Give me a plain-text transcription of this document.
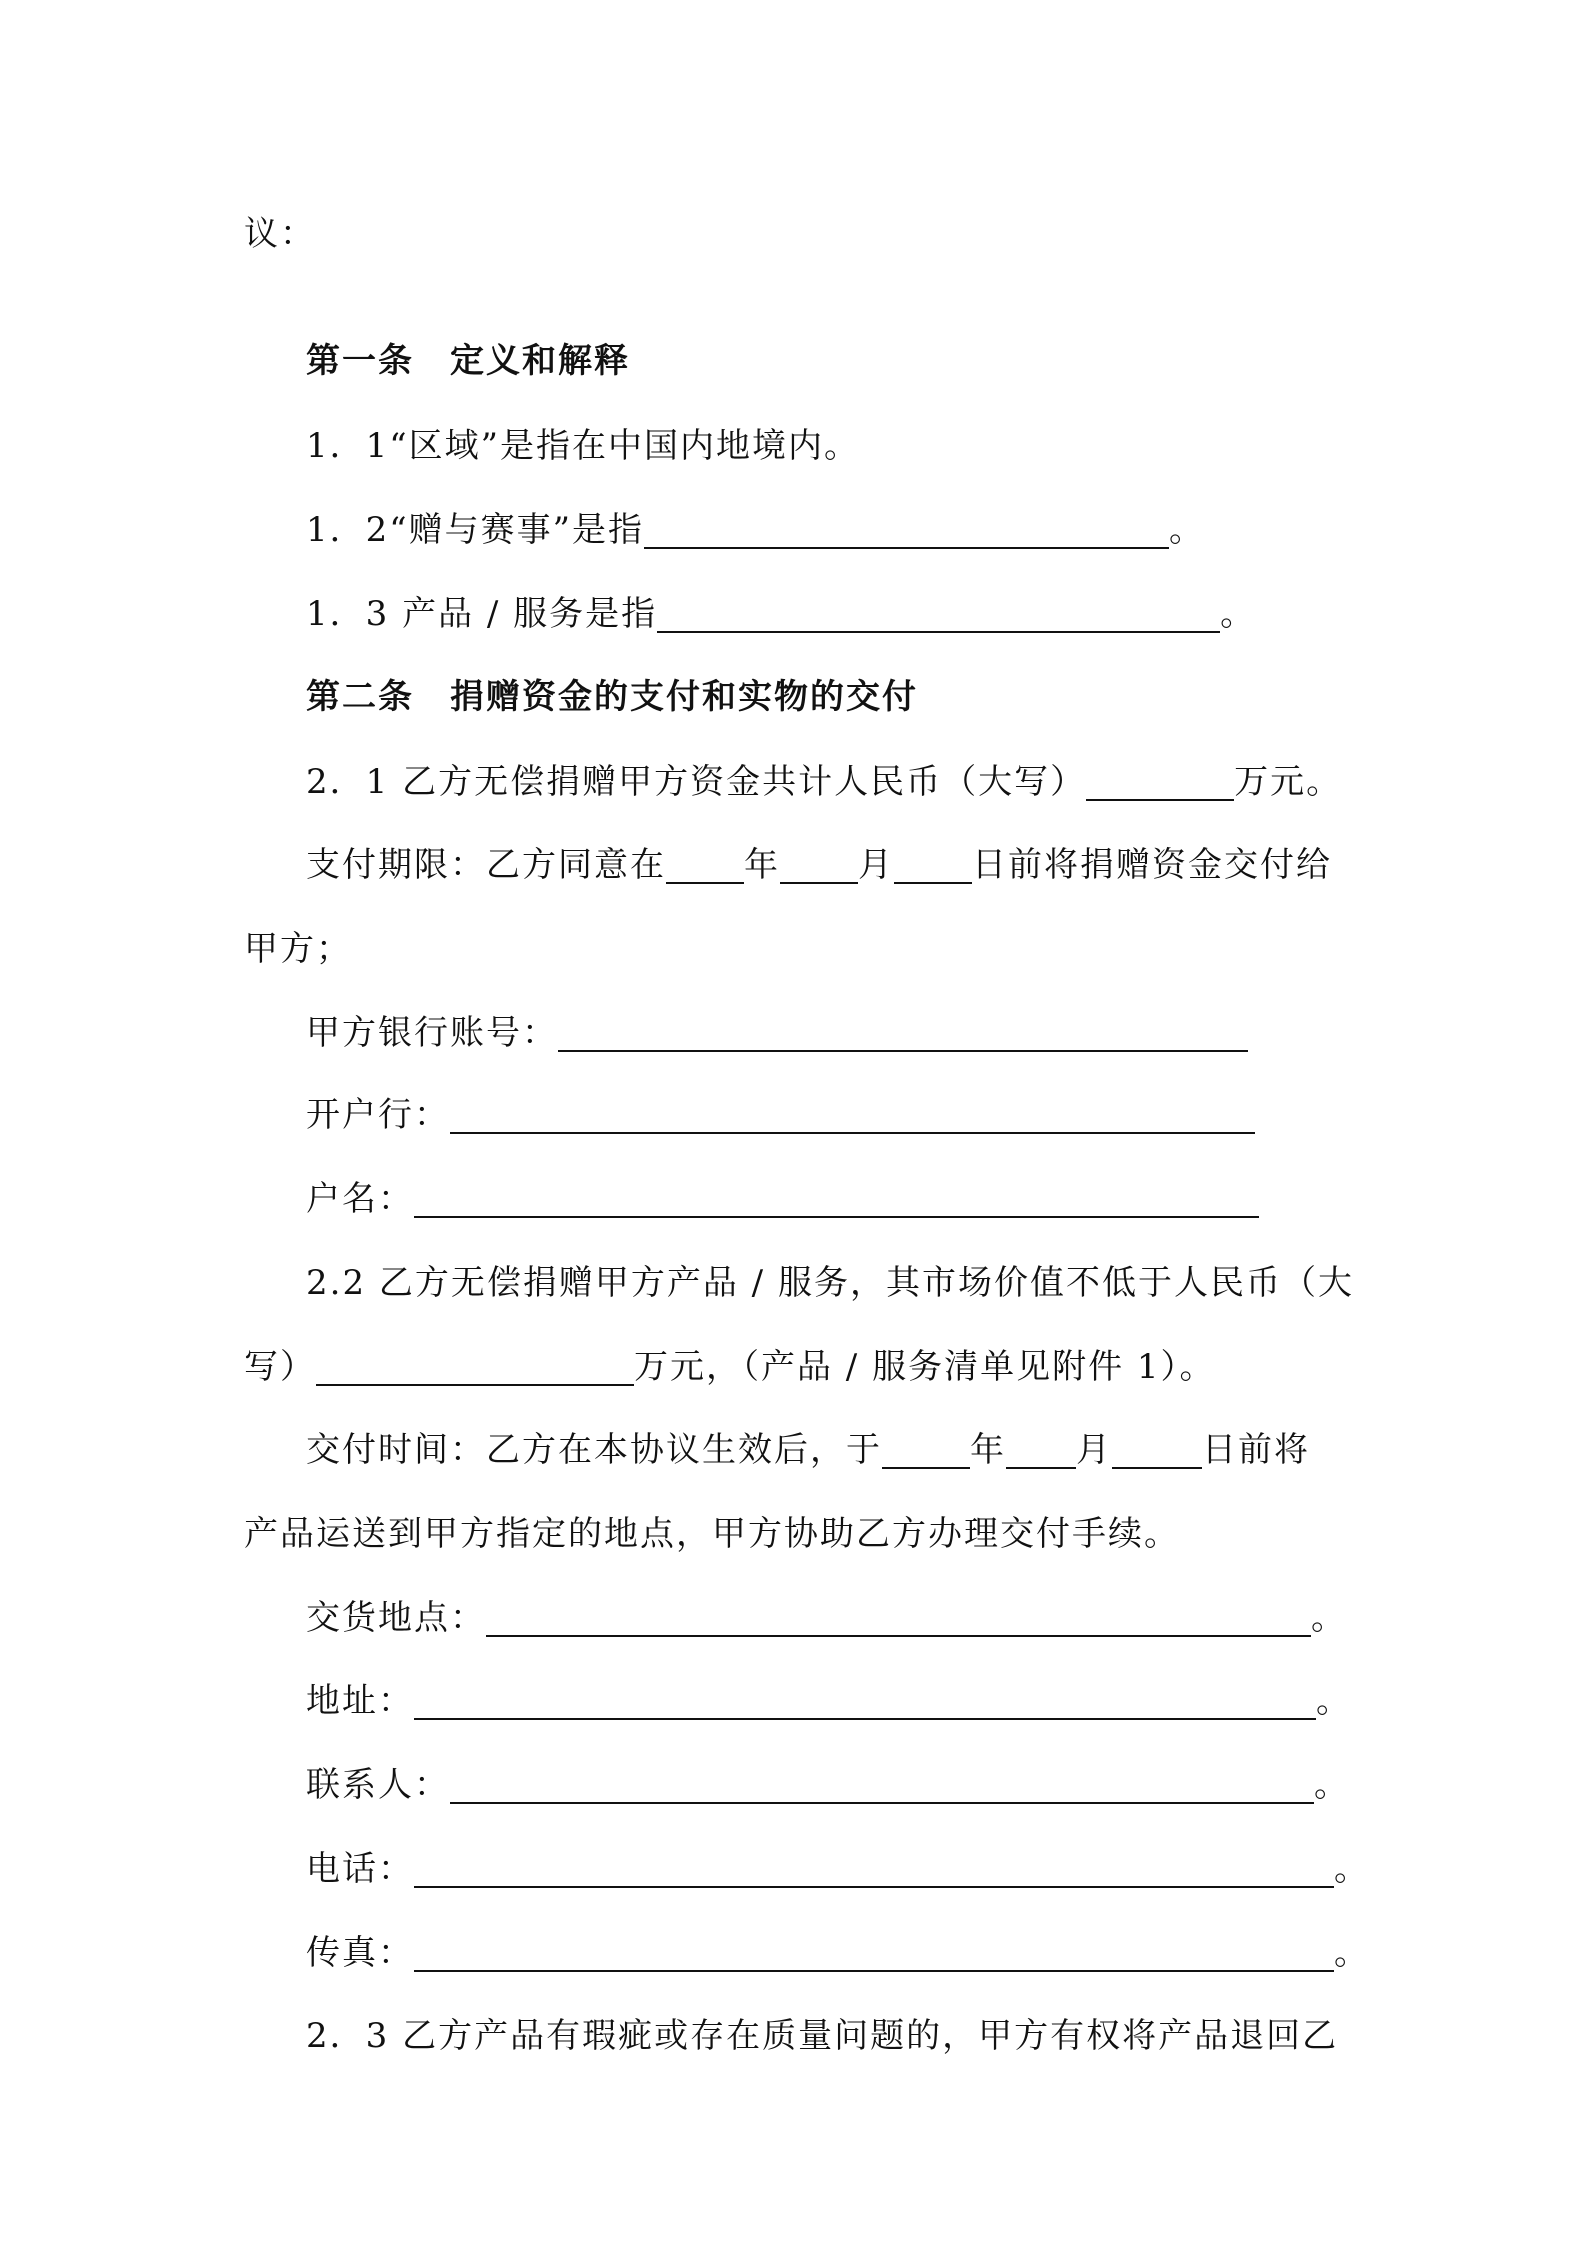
议：
第一条 定义和解释
1．1“区域”是指在中国内地境内。
1．2“赠与赛事”是指	。
1．3 产品 / 服务是指	。
第二条 捐赠资金的支付和实物的交付
2．1 乙方无偿捐赠甲方资金共计人民币（大写）	万元。
支付期限：乙方同意在 年 月 日前将捐赠资金交付给
甲方；
甲方银行账号：
开户行：
户名：
2.2 乙方无偿捐赠甲方产品 / 服务，其市场价值不低于人民币（大
写）	万元，（产品 / 服务清单见附件 1）。
交付时间：乙方在本协议生效后，于	年 月	日前将
产品运送到甲方指定的地点，甲方协助乙方办理交付手续。
交货地点：	。
地址：	。
联系人：	。
电话：	。
传真：	。
2．3 乙方产品有瑕疵或存在质量问题的，甲方有权将产品退回乙
